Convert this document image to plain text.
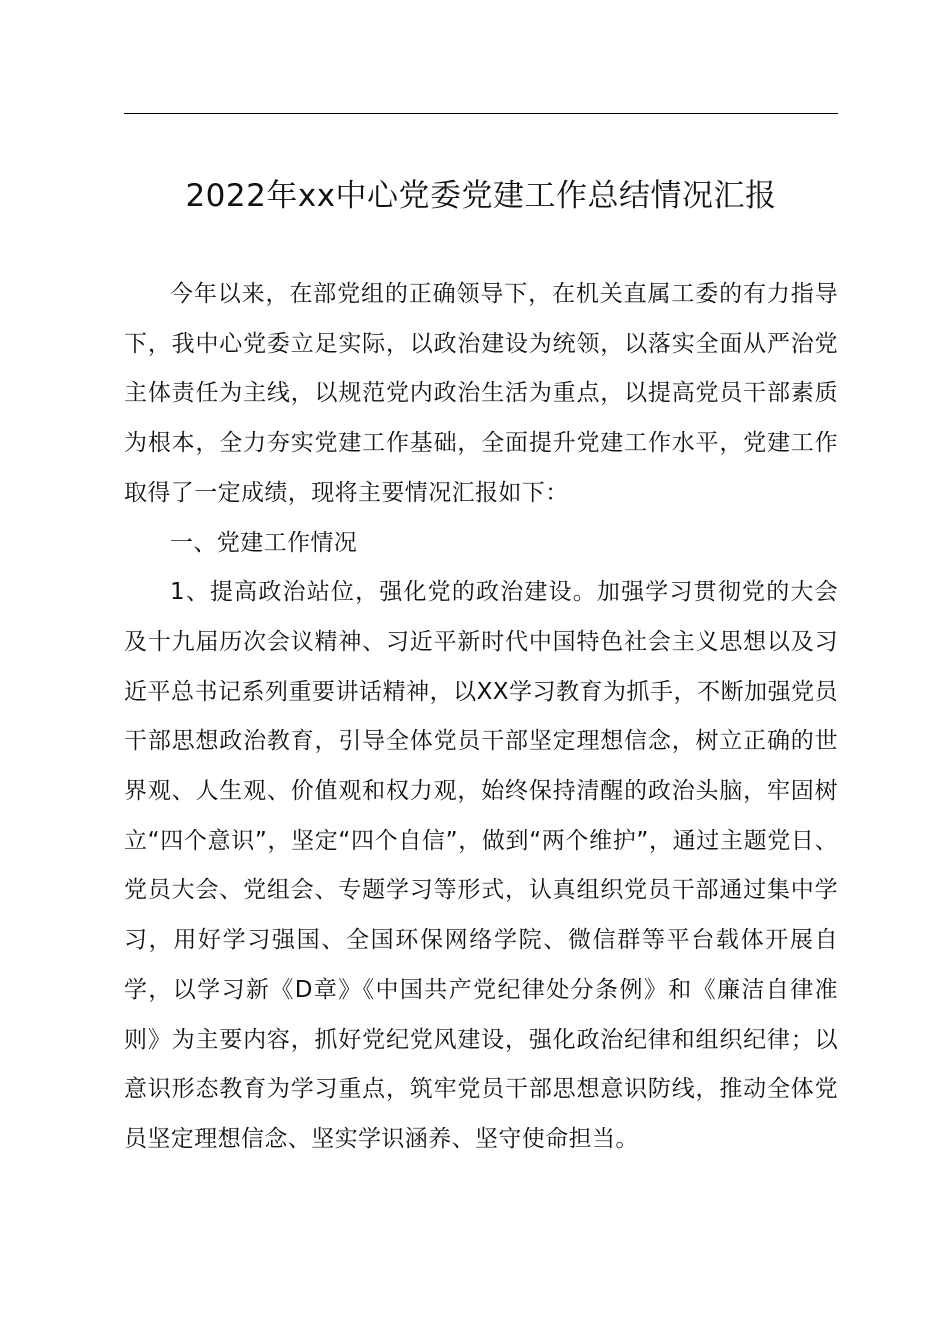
2022年xx中心党委党建工作总结情况汇报

今年以来，在部党组的正确领导下，在机关直属工委的有力指导下，我中心党委立足实际，以政治建设为统领，以落实全面从严治党主体责任为主线，以规范党内政治生活为重点，以提高党员干部素质为根本，全力夯实党建工作基础，全面提升党建工作水平，党建工作取得了一定成绩，现将主要情况汇报如下：

一、党建工作情况

1、提高政治站位，强化党的政治建设。加强学习贯彻党的大会及十九届历次会议精神、习近平新时代中国特色社会主义思想以及习近平总书记系列重要讲话精神，以XX学习教育为抓手，不断加强党员干部思想政治教育，引导全体党员干部坚定理想信念，树立正确的世界观、人生观、价值观和权力观，始终保持清醒的政治头脑，牢固树立“四个意识”，坚定“四个自信”，做到“两个维护”，通过主题党日、党员大会、党组会、专题学习等形式，认真组织党员干部通过集中学习，用好学习强国、全国环保网络学院、微信群等平台载体开展自学，以学习新《D章》《中国共产党纪律处分条例》和《廉洁自律准则》为主要内容，抓好党纪党风建设，强化政治纪律和组织纪律；以意识形态教育为学习重点，筑牢党员干部思想意识防线，推动全体党员坚定理想信念、坚实学识涵养、坚守使命担当。
